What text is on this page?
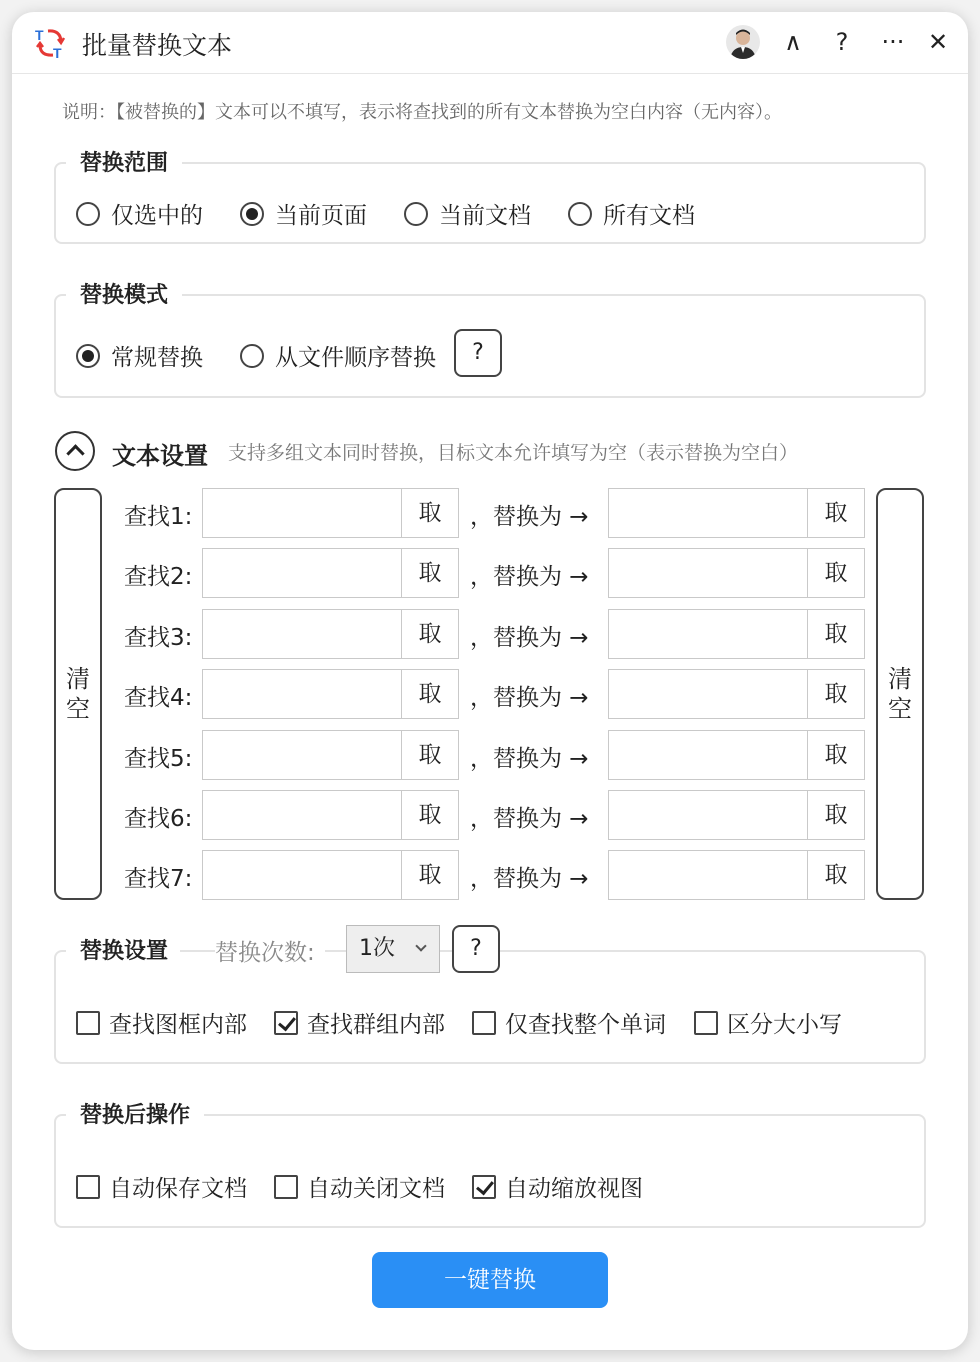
T
T 批量替换文本	∧	?	··· ✕
说明：【被替换的】文本可以不填写，表示将查找到的所有文本替换为空白内容（无内容）。
仅选中的	当前页面	当前文档	所有文档
替换范围
常规替换	从文件顺序替换	?
替换模式
文本设置 支持多组文本同时替换，目标文本允许填写为空（表示替换为空白）
清
空
清
空
查找1:	取	，替换为 →	取
查找2:	取	，替换为 →	取
查找3:	取	，替换为 →	取
查找4:	取	，替换为 →	取
查找5:	取	，替换为 →	取
查找6:	取	，替换为 →	取
查找7:	取	，替换为 →	取
查找图框内部	查找群组内部	仅查找整个单词	区分大小写
替换设置	替换次数:	1次	?
自动保存文档	自动关闭文档	自动缩放视图
替换后操作
一键替换
